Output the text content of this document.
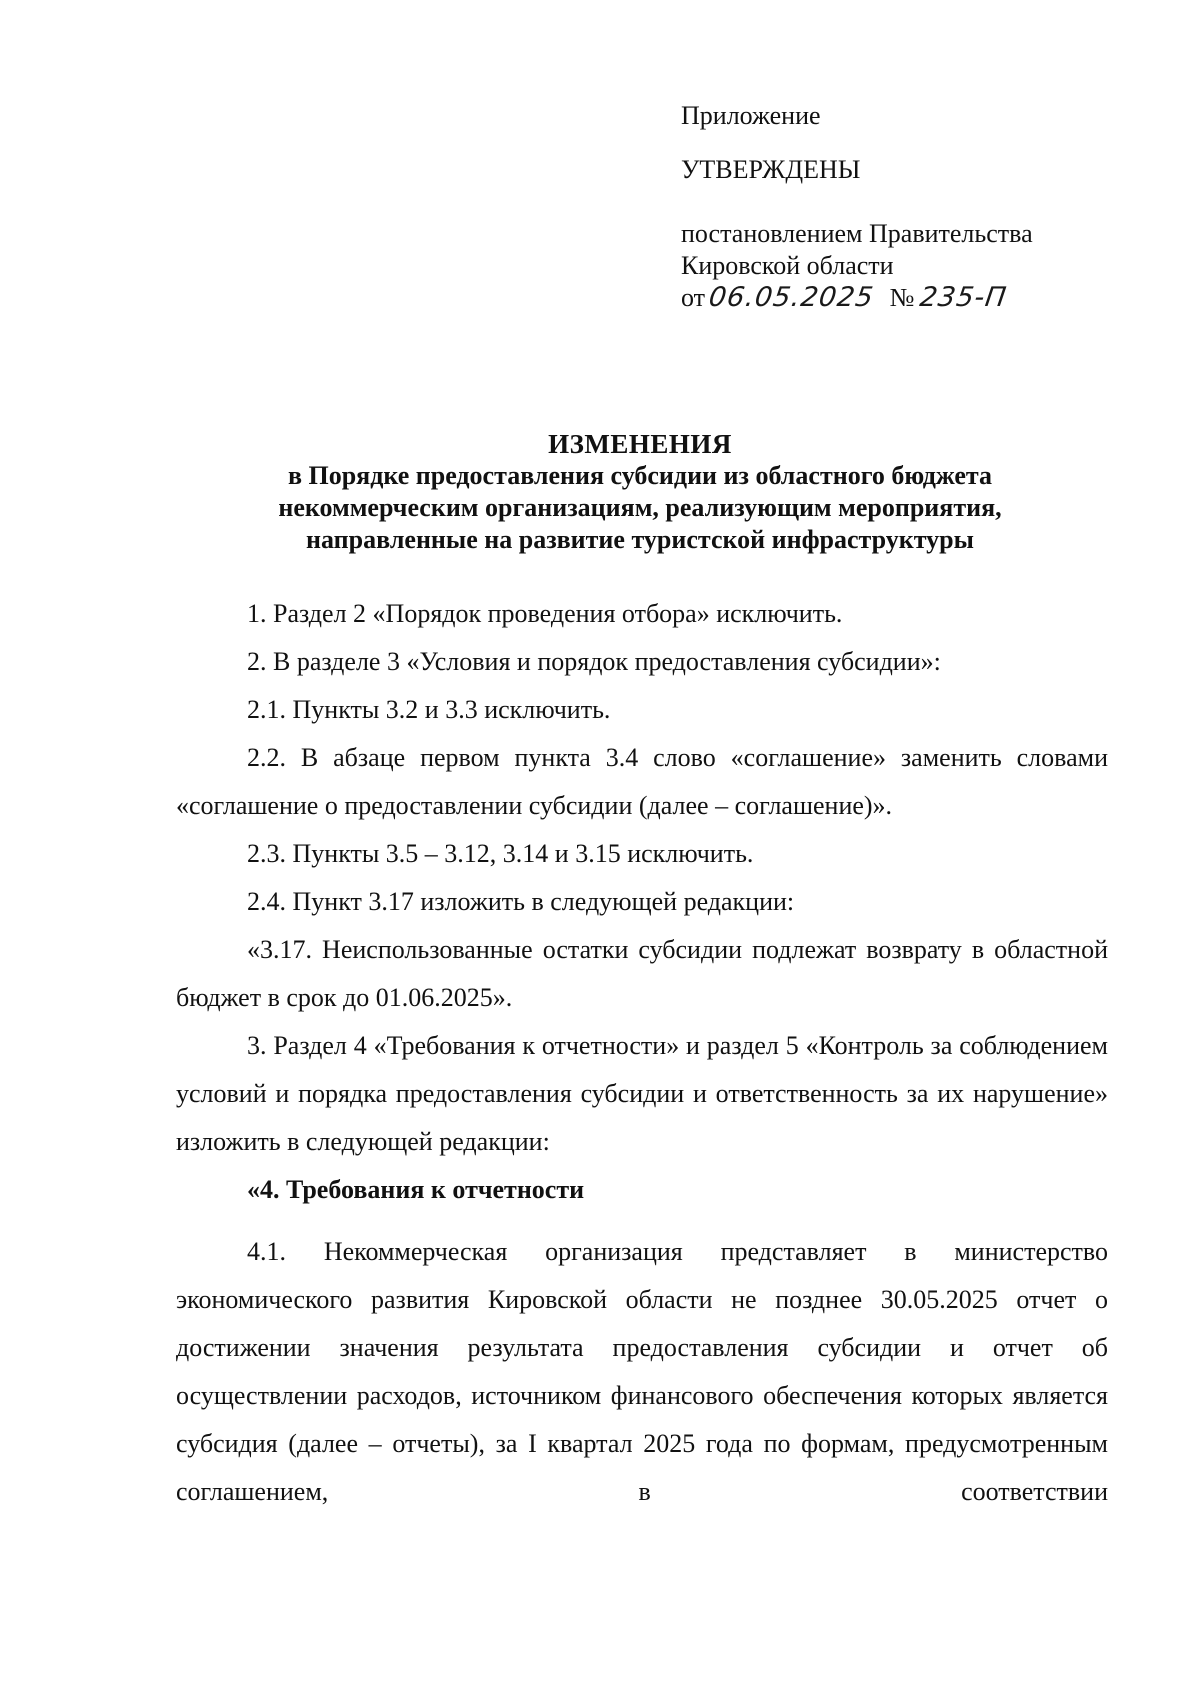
Приложение
УТВЕРЖДЕНЫ
постановлением Правительства
Кировской области
от06.05.2025 № 235-П
ИЗМЕНЕНИЯ
в Порядке предоставления субсидии из областного бюджета
некоммерческим организациям, реализующим мероприятия,
направленные на развитие туристской инфраструктуры

1. Раздел 2 «Порядок проведения отбора» исключить.

2. В разделе 3 «Условия и порядок предоставления субсидии»:

2.1. Пункты 3.2 и 3.3 исключить.

2.2. В абзаце первом пункта 3.4 слово «соглашение» заменить словами «соглашение о предоставлении субсидии (далее – соглашение)».

2.3. Пункты 3.5 – 3.12, 3.14 и 3.15 исключить.

2.4. Пункт 3.17 изложить в следующей редакции:

«3.17. Неиспользованные остатки субсидии подлежат возврату в областной бюджет в срок до 01.06.2025».

3. Раздел 4 «Требования к отчетности» и раздел 5 «Контроль за соблюдением условий и порядка предоставления субсидии и ответственность за их нарушение» изложить в следующей редакции:

«4. Требования к отчетности

4.1. Некоммерческая организация представляет в министерство экономического развития Кировской области не позднее 30.05.2025 отчет о достижении значения результата предоставления субсидии и отчет об осуществлении расходов, источником финансового обеспечения которых является субсидия (далее – отчеты), за I квартал 2025 года по формам, предусмотренным соглашением, в соответствии
